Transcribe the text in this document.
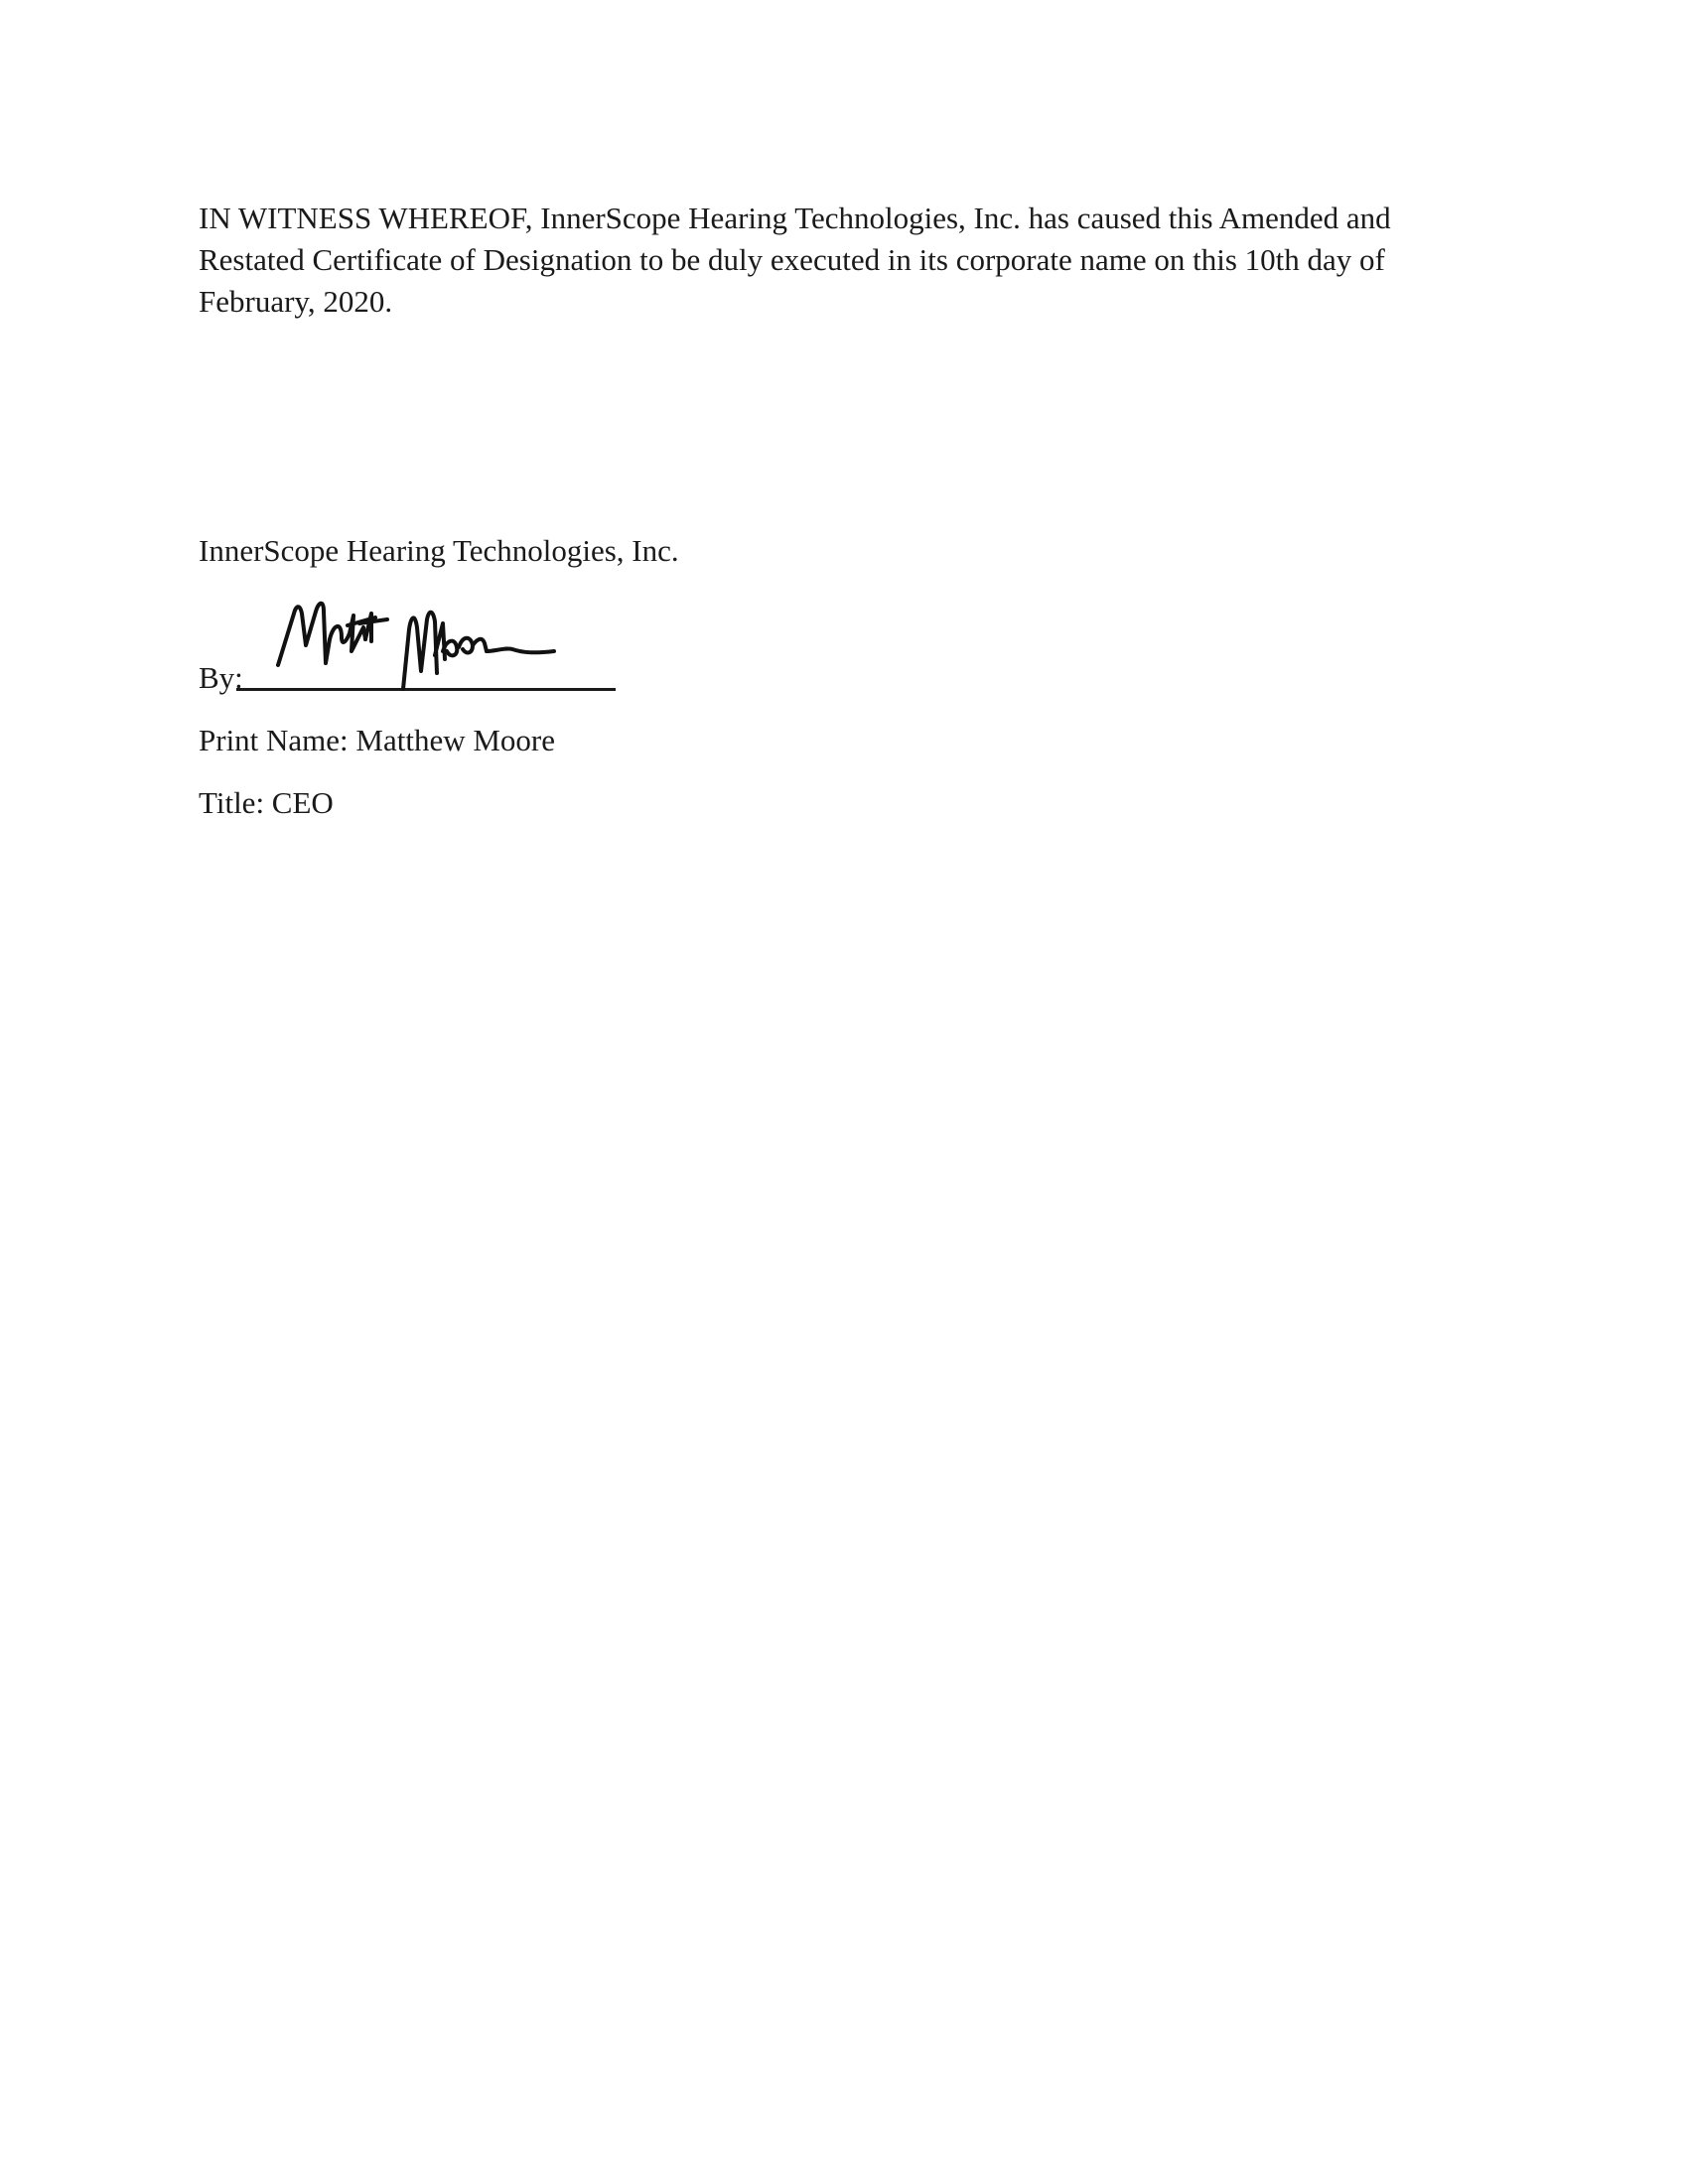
IN WITNESS WHEREOF, InnerScope Hearing Technologies, Inc. has caused this Amended and
Restated Certificate of Designation to be duly executed in its corporate name on this 10th day of
February, 2020.
InnerScope Hearing Technologies, Inc.
By:
Print Name: Matthew Moore
Title: CEO
